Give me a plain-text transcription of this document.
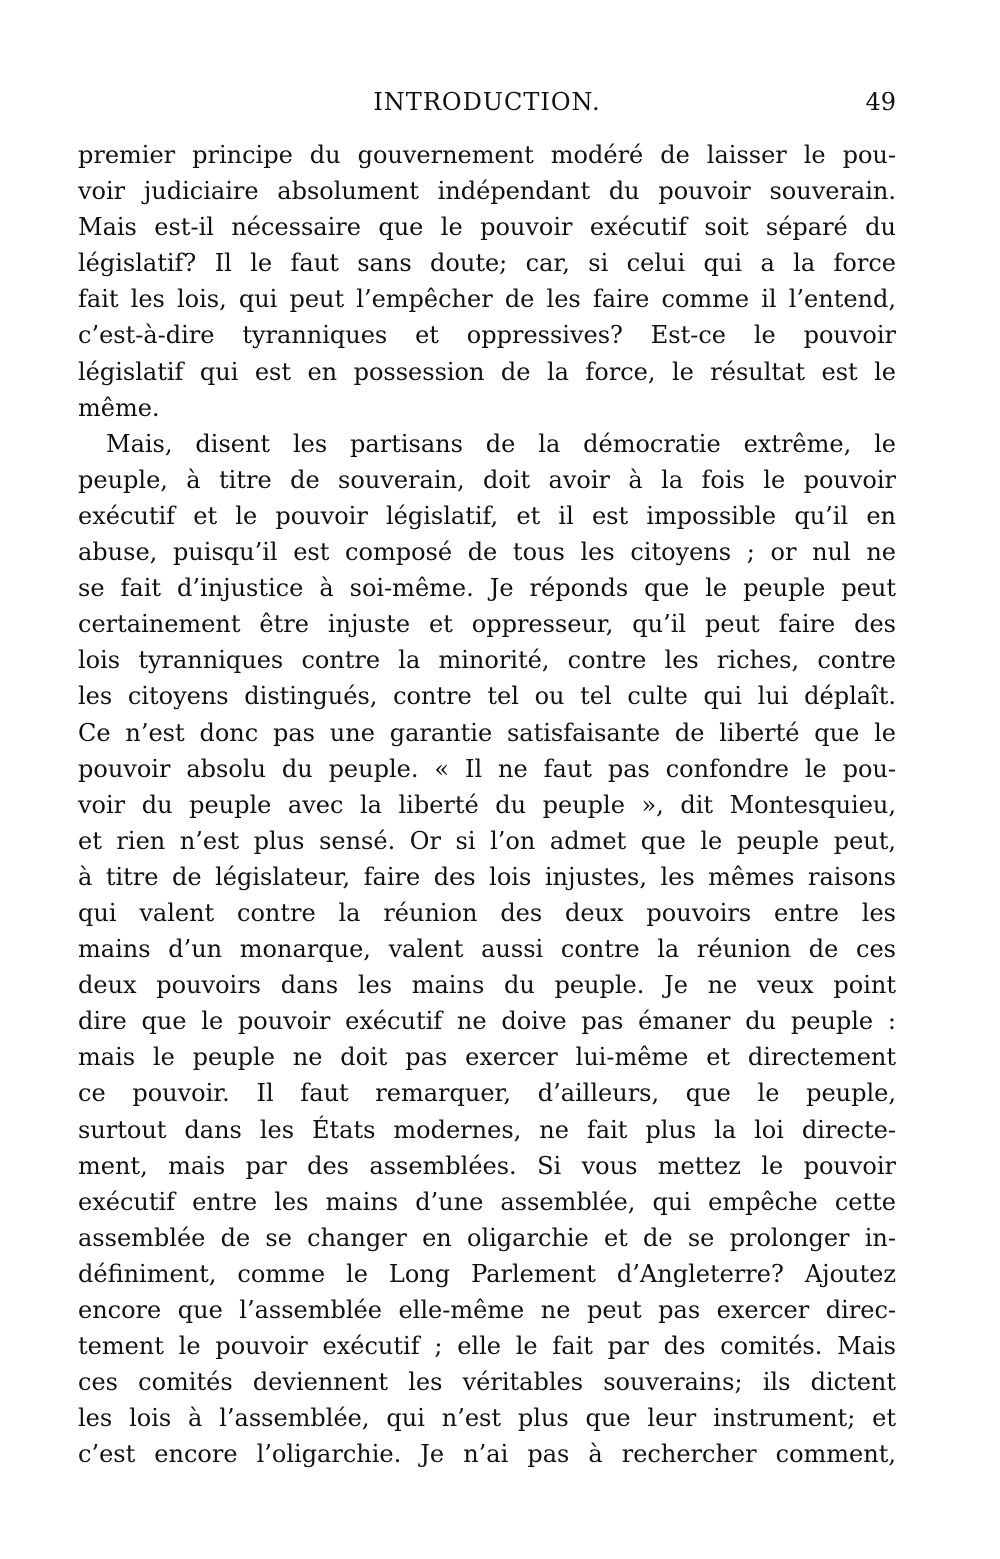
INTRODUCTION.	49
premier principe du gouvernement modéré de laisser le pou-
voir judiciaire absolument indépendant du pouvoir souverain.
Mais est-il nécessaire que le pouvoir exécutif soit séparé du
législatif? Il le faut sans doute; car, si celui qui a la force
fait les lois, qui peut l’empêcher de les faire comme il l’entend,
c’est-à-dire tyranniques et oppressives? Est-ce le pouvoir
législatif qui est en possession de la force, le résultat est le
même.
Mais, disent les partisans de la démocratie extrême, le
peuple, à titre de souverain, doit avoir à la fois le pouvoir
exécutif et le pouvoir législatif, et il est impossible qu’il en
abuse, puisqu’il est composé de tous les citoyens ; or nul ne
se fait d’injustice à soi-même. Je réponds que le peuple peut
certainement être injuste et oppresseur, qu’il peut faire des
lois tyranniques contre la minorité, contre les riches, contre
les citoyens distingués, contre tel ou tel culte qui lui déplaît.
Ce n’est donc pas une garantie satisfaisante de liberté que le
pouvoir absolu du peuple. « Il ne faut pas confondre le pou-
voir du peuple avec la liberté du peuple », dit Montesquieu,
et rien n’est plus sensé. Or si l’on admet que le peuple peut,
à titre de législateur, faire des lois injustes, les mêmes raisons
qui valent contre la réunion des deux pouvoirs entre les
mains d’un monarque, valent aussi contre la réunion de ces
deux pouvoirs dans les mains du peuple. Je ne veux point
dire que le pouvoir exécutif ne doive pas émaner du peuple :
mais le peuple ne doit pas exercer lui-même et directement
ce pouvoir. Il faut remarquer, d’ailleurs, que le peuple,
surtout dans les États modernes, ne fait plus la loi directe-
ment, mais par des assemblées. Si vous mettez le pouvoir
exécutif entre les mains d’une assemblée, qui empêche cette
assemblée de se changer en oligarchie et de se prolonger in-
définiment, comme le Long Parlement d’Angleterre? Ajoutez
encore que l’assemblée elle-même ne peut pas exercer direc-
tement le pouvoir exécutif ; elle le fait par des comités. Mais
ces comités deviennent les véritables souverains; ils dictent
les lois à l’assemblée, qui n’est plus que leur instrument; et
c’est encore l’oligarchie. Je n’ai pas à rechercher comment,
